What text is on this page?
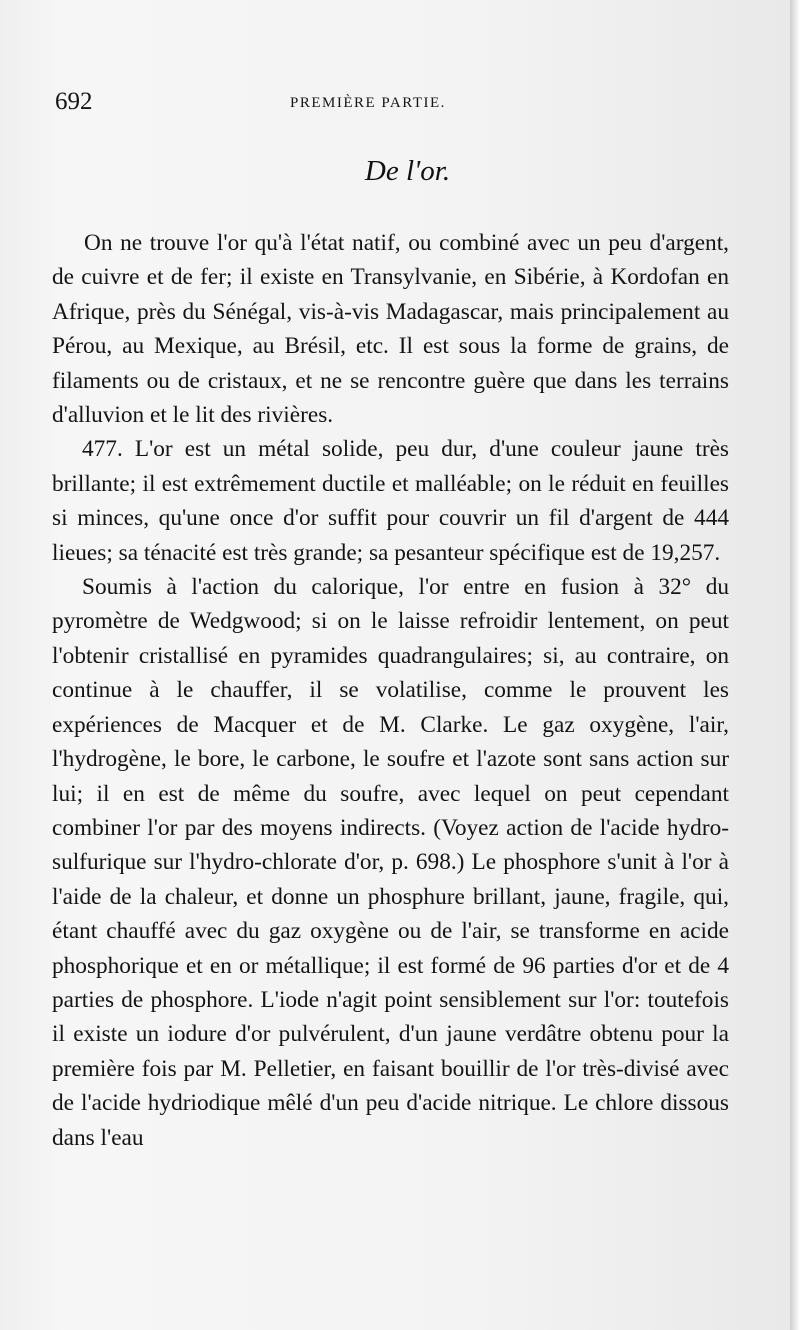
692	PREMIÈRE PARTIE.
De l'or.

On ne trouve l'or qu'à l'état natif, ou combiné avec un peu d'argent, de cuivre et de fer; il existe en Transylvanie, en Sibérie, à Kordofan en Afrique, près du Sénégal, vis-à-vis Madagascar, mais principalement au Pérou, au Mexique, au Brésil, etc. Il est sous la forme de grains, de filaments ou de cristaux, et ne se rencontre guère que dans les terrains d'alluvion et le lit des rivières.

477. L'or est un métal solide, peu dur, d'une couleur jaune très brillante; il est extrêmement ductile et malléable; on le réduit en feuilles si minces, qu'une once d'or suffit pour couvrir un fil d'argent de 444 lieues; sa ténacité est très grande; sa pesanteur spécifique est de 19,257.

Soumis à l'action du calorique, l'or entre en fusion à 32° du pyromètre de Wedgwood; si on le laisse refroidir lentement, on peut l'obtenir cristallisé en pyramides quadrangulaires; si, au contraire, on continue à le chauffer, il se volatilise, comme le prouvent les expériences de Macquer et de M. Clarke. Le gaz oxygène, l'air, l'hydrogène, le bore, le carbone, le soufre et l'azote sont sans action sur lui; il en est de même du soufre, avec lequel on peut cependant combiner l'or par des moyens indirects. (Voyez action de l'acide hydro-sulfurique sur l'hydro-chlorate d'or, p. 698.) Le phosphore s'unit à l'or à l'aide de la chaleur, et donne un phosphure brillant, jaune, fragile, qui, étant chauffé avec du gaz oxygène ou de l'air, se transforme en acide phosphorique et en or métallique; il est formé de 96 parties d'or et de 4 parties de phosphore. L'iode n'agit point sensiblement sur l'or: toutefois il existe un iodure d'or pulvérulent, d'un jaune verdâtre obtenu pour la première fois par M. Pelletier, en faisant bouillir de l'or très-divisé avec de l'acide hydriodique mêlé d'un peu d'acide nitrique. Le chlore dissous dans l'eau
